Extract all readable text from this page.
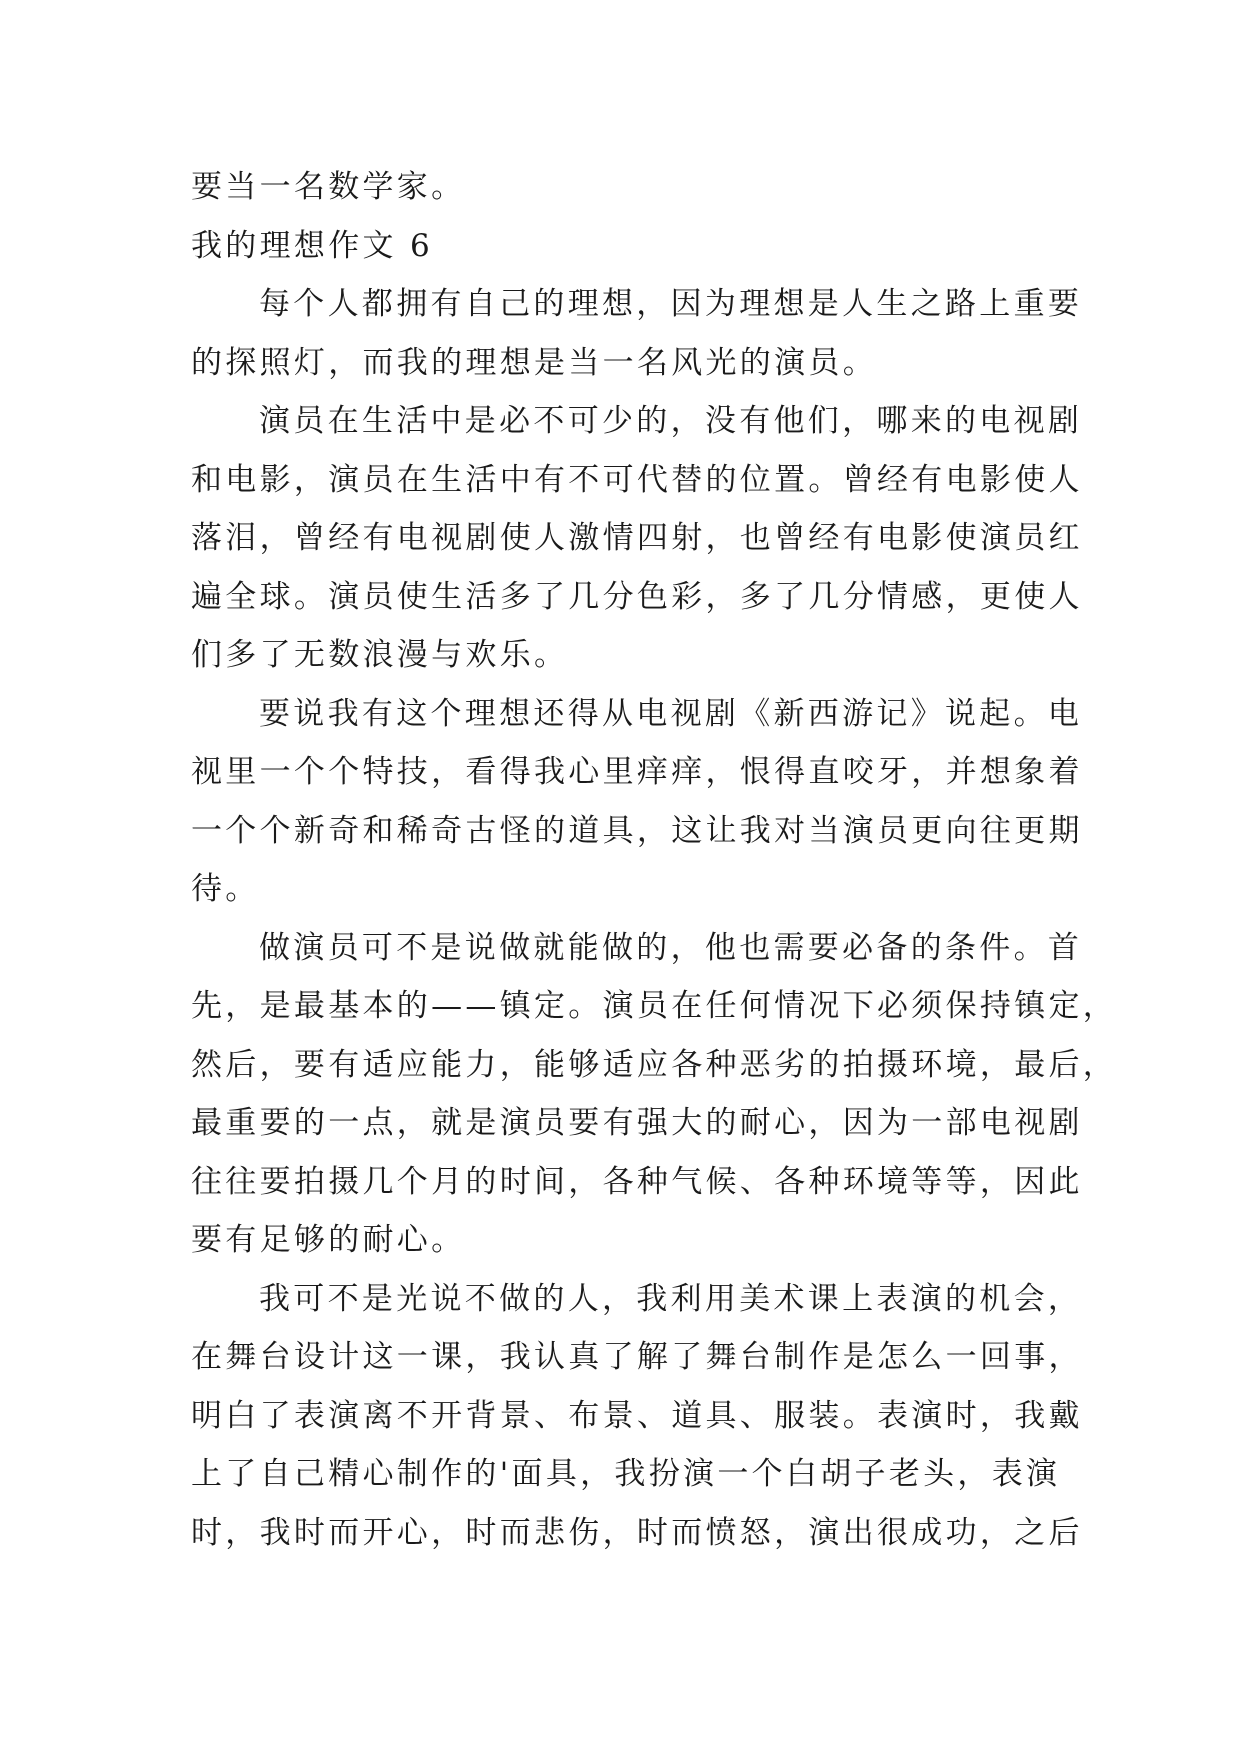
要当一名数学家。
我的理想作文 6
每个人都拥有自己的理想，因为理想是人生之路上重要
的探照灯，而我的理想是当一名风光的演员。
演员在生活中是必不可少的，没有他们，哪来的电视剧
和电影，演员在生活中有不可代替的位置。曾经有电影使人
落泪，曾经有电视剧使人激情四射，也曾经有电影使演员红
遍全球。演员使生活多了几分色彩，多了几分情感，更使人
们多了无数浪漫与欢乐。
要说我有这个理想还得从电视剧《新西游记》说起。电
视里一个个特技，看得我心里痒痒，恨得直咬牙，并想象着
一个个新奇和稀奇古怪的道具，这让我对当演员更向往更期
待。
做演员可不是说做就能做的，他也需要必备的条件。首
先，是最基本的——镇定。演员在任何情况下必须保持镇定，
然后，要有适应能力，能够适应各种恶劣的拍摄环境，最后，
最重要的一点，就是演员要有强大的耐心，因为一部电视剧
往往要拍摄几个月的时间，各种气候、各种环境等等，因此
要有足够的耐心。
我可不是光说不做的人，我利用美术课上表演的机会，
在舞台设计这一课，我认真了解了舞台制作是怎么一回事，
明白了表演离不开背景、布景、道具、服装。表演时，我戴
上了自己精心制作的'面具，我扮演一个白胡子老头，表演
时，我时而开心，时而悲伤，时而愤怒，演出很成功，之后
